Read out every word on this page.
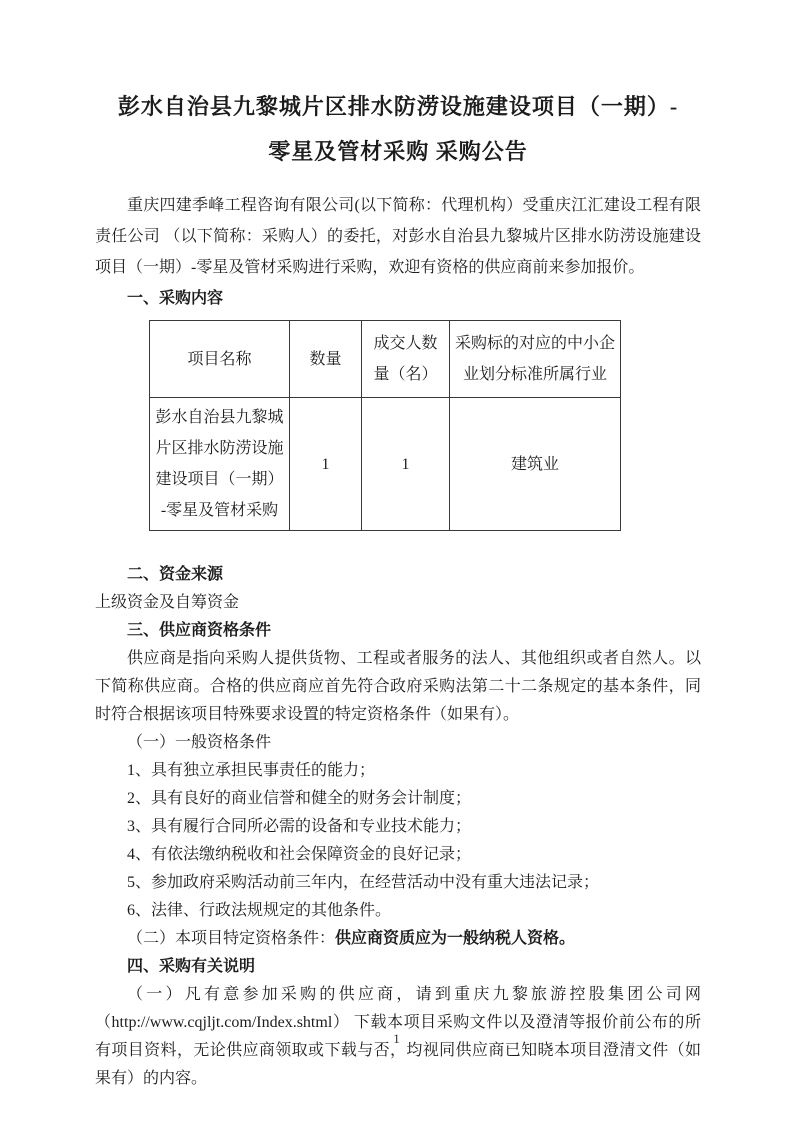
彭水自治县九黎城片区排水防涝设施建设项目（一期）-
零星及管材采购 采购公告

重庆四建季峰工程咨询有限公司(以下简称：代理机构）受重庆江汇建设工程有限责任公司 （以下简称：采购人）的委托，对彭水自治县九黎城片区排水防涝设施建设项目（一期）-零星及管材采购进行采购，欢迎有资格的供应商前来参加报价。

一、采购内容

项目名称	数量	成交人数量（名）	采购标的对应的中小企业划分标准所属行业
彭水自治县九黎城片区排水防涝设施建设项目（一期）-零星及管材采购	1	1	建筑业

二、资金来源

上级资金及自筹资金

三、供应商资格条件

供应商是指向采购人提供货物、工程或者服务的法人、其他组织或者自然人。以下简称供应商。合格的供应商应首先符合政府采购法第二十二条规定的基本条件，同时符合根据该项目特殊要求设置的特定资格条件（如果有）。

（一）一般资格条件

1、具有独立承担民事责任的能力；

2、具有良好的商业信誉和健全的财务会计制度；

3、具有履行合同所必需的设备和专业技术能力；

4、有依法缴纳税收和社会保障资金的良好记录；

5、参加政府采购活动前三年内，在经营活动中没有重大违法记录；

6、法律、行政法规规定的其他条件。

（二）本项目特定资格条件：供应商资质应为一般纳税人资格。

四、采购有关说明

（一）凡有意参加采购的供应商，请到重庆九黎旅游控股集团公司网（http://www.cqjljt.com/Index.shtml） 下载本项目采购文件以及澄清等报价前公布的所有项目资料，无论供应商领取或下载与否，均视同供应商已知晓本项目澄清文件（如果有）的内容。

1
